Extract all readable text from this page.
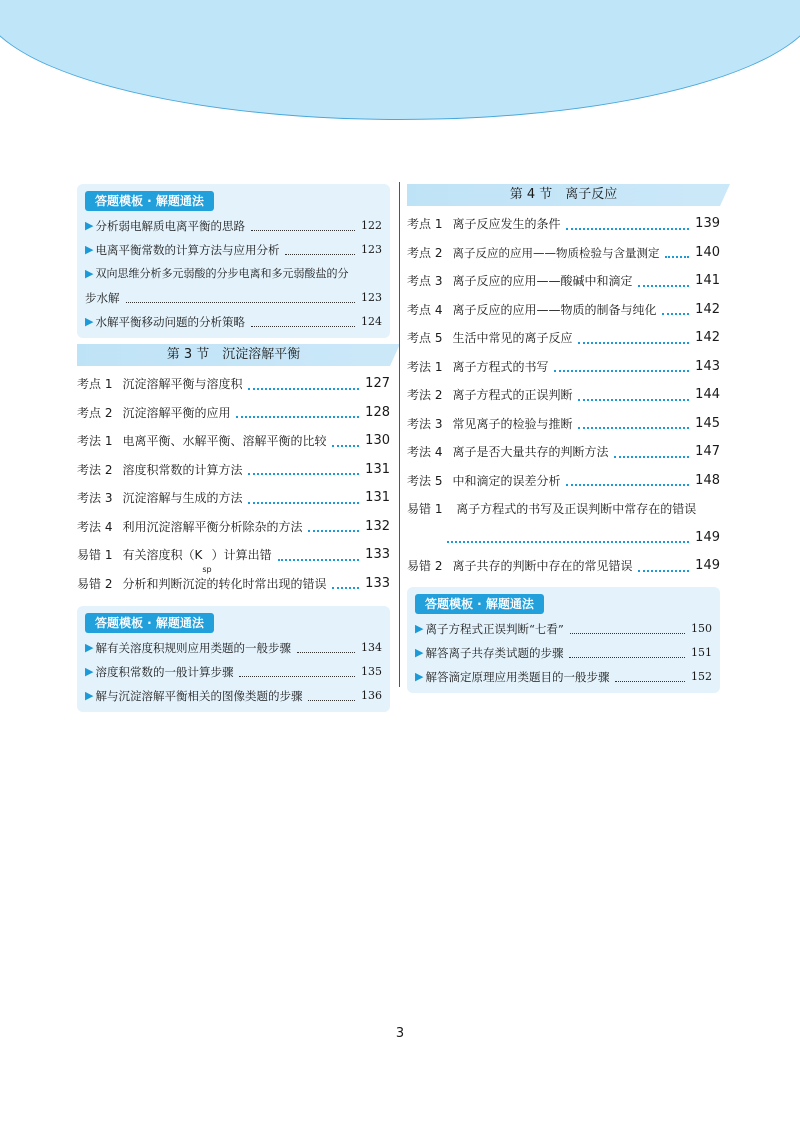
答题模板 · 解题通法
▶ 分析弱电解质电离平衡的思路	122
▶ 电离平衡常数的计算方法与应用分析	123
▶ 双向思维分析多元弱酸的分步电离和多元弱酸盐的分
步水解	123
▶ 水解平衡移动问题的分析策略	124
第 3 节　沉淀溶解平衡
考点 1 沉淀溶解平衡与溶度积	127
考点 2 沉淀溶解平衡的应用	128
考法 1 电离平衡、水解平衡、溶解平衡的比较	130
考法 2 溶度积常数的计算方法	131
考法 3 沉淀溶解与生成的方法	131
考法 4 利用沉淀溶解平衡分析除杂的方法	132
易错 1 有关溶度积（K
sp
）计算出错	133
易错 2 分析和判断沉淀的转化时常出现的错误	133
答题模板 · 解题通法
▶ 解有关溶度积规则应用类题的一般步骤	134
▶ 溶度积常数的一般计算步骤	135
▶ 解与沉淀溶解平衡相关的图像类题的步骤	136
第 4 节　离子反应
考点 1 离子反应发生的条件	139
考点 2 离子反应的应用——物质检验与含量测定	140
考点 3 离子反应的应用——酸碱中和滴定	141
考点 4 离子反应的应用——物质的制备与纯化	142
考点 5 生活中常见的离子反应	142
考法 1 离子方程式的书写	143
考法 2 离子方程式的正误判断	144
考法 3 常见离子的检验与推断	145
考法 4 离子是否大量共存的判断方法	147
考法 5 中和滴定的误差分析	148
易错 1 离子方程式的书写及正误判断中常存在的错误
149
易错 2 离子共存的判断中存在的常见错误	149
答题模板 · 解题通法
▶ 离子方程式正误判断“七看”	150
▶ 解答离子共存类试题的步骤	151
▶ 解答滴定原理应用类题目的一般步骤	152
3
